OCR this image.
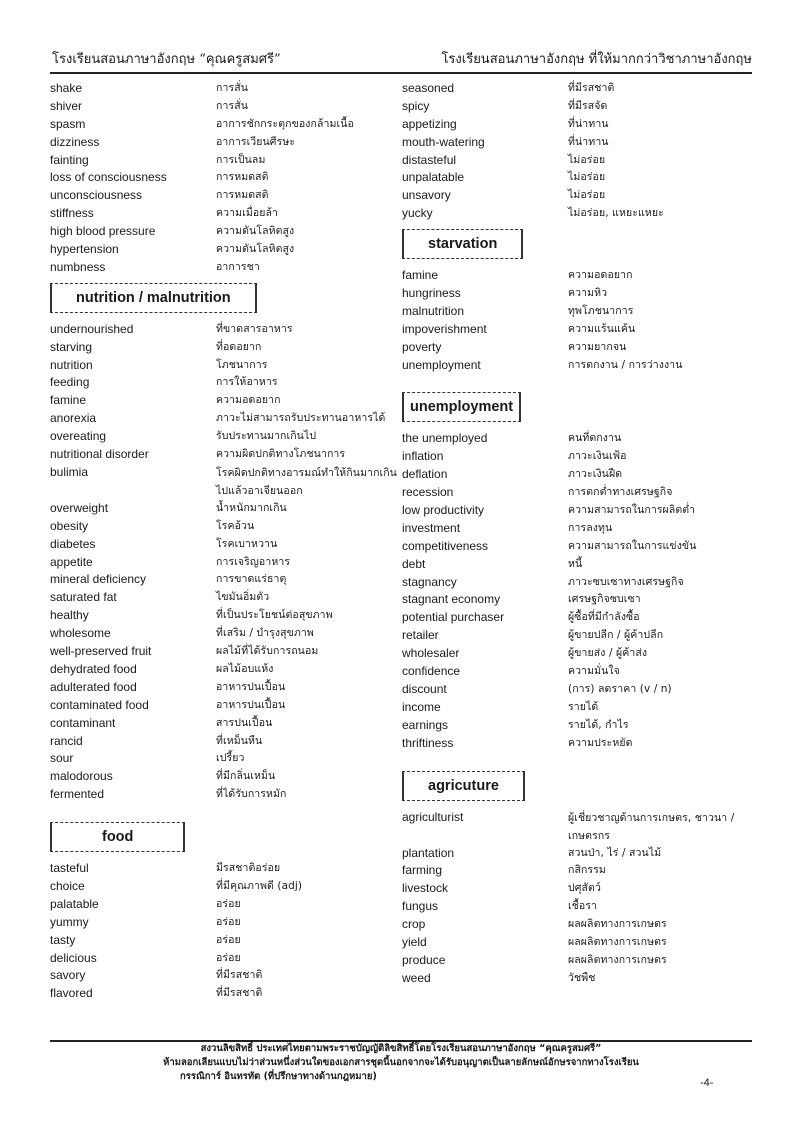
โรงเรียนสอนภาษาอังกฤษ “คุณครูสมศรี”	โรงเรียนสอนภาษาอังกฤษ ที่ให้มากกว่าวิชาภาษาอังกฤษ
shake	การสั่น
shiver	การสั่น
spasm	อาการชักกระตุกของกล้ามเนื้อ
dizziness	อาการเวียนศีรษะ
fainting	การเป็นลม
loss of consciousness	การหมดสติ
unconsciousness	การหมดสติ
stiffness	ความเมื่อยล้า
high blood pressure	ความดันโลหิตสูง
hypertension	ความดันโลหิตสูง
numbness	อาการชา
nutrition / malnutrition
undernourished	ที่ขาดสารอาหาร
starving	ที่อดอยาก
nutrition	โภชนาการ
feeding	การให้อาหาร
famine	ความอดอยาก
anorexia	ภาวะไม่สามารถรับประทานอาหารได้
overeating	รับประทานมากเกินไป
nutritional disorder	ความผิดปกติทางโภชนาการ
bulimia	โรคผิดปกติทางอารมณ์ทำให้กินมากเกินไปแล้วอาเจียนออก
overweight	น้ำหนักมากเกิน
obesity	โรคอ้วน
diabetes	โรคเบาหวาน
appetite	การเจริญอาหาร
mineral deficiency	การขาดแร่ธาตุ
saturated fat	ไขมันอิ่มตัว
healthy	ที่เป็นประโยชน์ต่อสุขภาพ
wholesome	ที่เสริม / บำรุงสุขภาพ
well-preserved fruit	ผลไม้ที่ได้รับการถนอม
dehydrated food	ผลไม้อบแห้ง
adulterated food	อาหารปนเปื้อน
contaminated food	อาหารปนเปื้อน
contaminant	สารปนเปื้อน
rancid	ที่เหม็นหืน
sour	เปรี้ยว
malodorous	ที่มีกลิ่นเหม็น
fermented	ที่ได้รับการหมัก
food
tasteful	มีรสชาติอร่อย
choice	ที่มีคุณภาพดี (adj)
palatable	อร่อย
yummy	อร่อย
tasty	อร่อย
delicious	อร่อย
savory	ที่มีรสชาติ
flavored	ที่มีรสชาติ
seasoned	ที่มีรสชาติ
spicy	ที่มีรสจัด
appetizing	ที่น่าทาน
mouth-watering	ที่น่าทาน
distasteful	ไม่อร่อย
unpalatable	ไม่อร่อย
unsavory	ไม่อร่อย
yucky	ไม่อร่อย, แหยะแหยะ
starvation
famine	ความอดอยาก
hungriness	ความหิว
malnutrition	ทุพโภชนาการ
impoverishment	ความแร้นแค้น
poverty	ความยากจน
unemployment	การตกงาน / การว่างงาน
unemployment
the unemployed	คนที่ตกงาน
inflation	ภาวะเงินเฟ้อ
deflation	ภาวะเงินฝืด
recession	การตกต่ำทางเศรษฐกิจ
low productivity	ความสามารถในการผลิตต่ำ
investment	การลงทุน
competitiveness	ความสามารถในการแข่งขัน
debt	หนี้
stagnancy	ภาวะซบเซาทางเศรษฐกิจ
stagnant economy	เศรษฐกิจซบเซา
potential purchaser	ผู้ซื้อที่มีกำลังซื้อ
retailer	ผู้ขายปลีก / ผู้ค้าปลีก
wholesaler	ผู้ขายส่ง / ผู้ค้าส่ง
confidence	ความมั่นใจ
discount	(การ) ลดราคา (v / n)
income	รายได้
earnings	รายได้, กำไร
thriftiness	ความประหยัด
agricuture
agriculturist	ผู้เชี่ยวชาญด้านการเกษตร, ชาวนา / เกษตรกร
plantation	สวนป่า, ไร่ / สวนไม้
farming	กสิกรรม
livestock	ปศุสัตว์
fungus	เชื้อรา
crop	ผลผลิตทางการเกษตร
yield	ผลผลิตทางการเกษตร
produce	ผลผลิตทางการเกษตร
weed	วัชพืช
สงวนลิขสิทธิ์ ประเทศไทยตามพระราชบัญญัติลิขสิทธิ์โดยโรงเรียนสอนภาษาอังกฤษ “คุณครูสมศรี”
ห้ามลอกเลียนแบบไม่ว่าส่วนหนึ่งส่วนใดของเอกสารชุดนี้นอกจากจะได้รับอนุญาตเป็นลายลักษณ์อักษรจากทางโรงเรียน
กรรณิการ์ อินทรทัต (ที่ปรึกษาทางด้านกฎหมาย)
-4-
